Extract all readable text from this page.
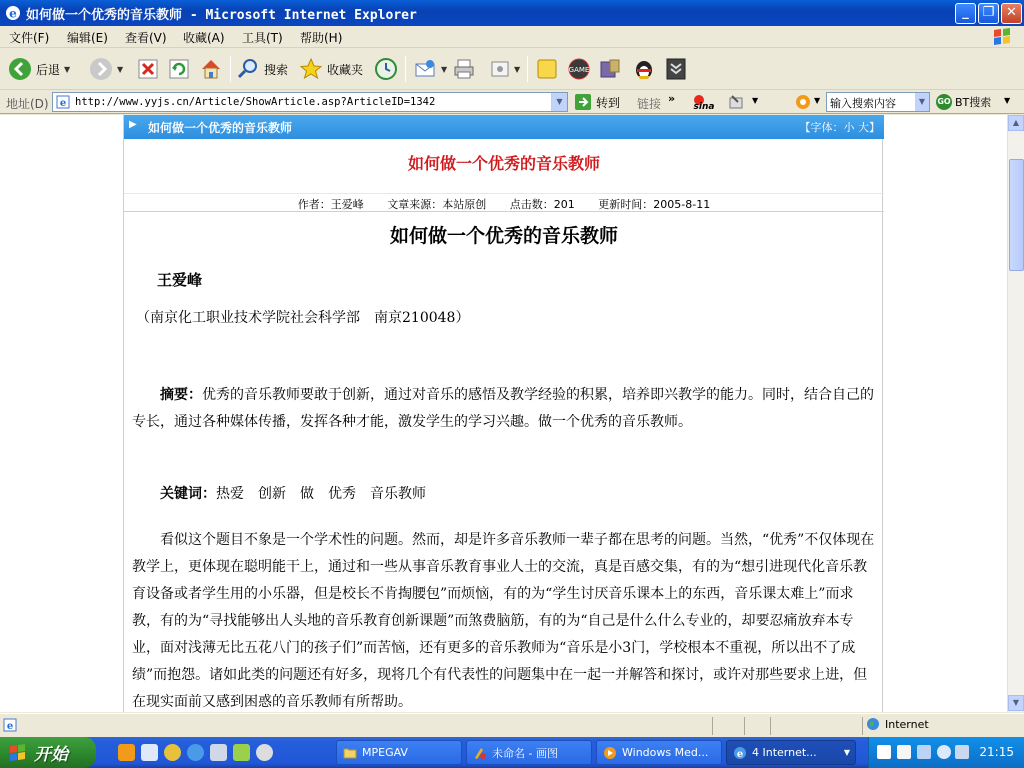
e 如何做一个优秀的音乐教师 - Microsoft Internet Explorer	_	❐ ✕
文件(F) 编辑(E) 查看(V) 收藏(A) 工具(T) 帮助(H)
后退 ▼	▼	搜索	收藏夹	▼	▼	GAME
地址(D) e http://www.yyjs.cn/Article/ShowArticle.asp?ArticleID=1342	▼	转到 链接 »
sina
▼	▼ 输入搜索内容	▼	GO BT搜索 ▼
▶ 如何做一个优秀的音乐教师	【字体：小 大】
如何做一个优秀的音乐教师
作者：王爱峰 文章来源：本站原创 点击数：201 更新时间：2005-8-11
如何做一个优秀的音乐教师
王爱峰
（南京化工职业技术学院社会科学部　南京210048）
摘要：优秀的音乐教师要敢于创新，通过对音乐的感悟及教学经验的积累，培养即兴教学的能力。同时，结合自己的专长，通过各种媒体传播，发挥各种才能，激发学生的学习兴趣。做一个优秀的音乐教师。
关键词：热爱　创新　做　优秀　音乐教师
看似这个题目不象是一个学术性的问题。然而，却是许多音乐教师一辈子都在思考的问题。当然，“优秀”不仅体现在教学上，更体现在聪明能干上，通过和一些从事音乐教育事业人士的交流，真是百感交集，有的为“想引进现代化音乐教育设备或者学生用的小乐器，但是校长不肯掏腰包”而烦恼，有的为“学生讨厌音乐课本上的东西，音乐课太难上”而求教，有的为“寻找能够出人头地的音乐教育创新课题”而煞费脑筋，有的为“自己是什么什么专业的，却要忍痛放弃本专业，面对浅薄无比五花八门的孩子们”而苦恼，还有更多的音乐教师为“音乐是小3门，学校根本不重视，所以出不了成绩”而抱怨。诸如此类的问题还有好多，现将几个有代表性的问题集中在一起一并解答和探讨，或许对那些要求上进，但在现实面前又感到困惑的音乐教师有所帮助。
▲
▼
e	Internet
开始	MPEGAV	未命名 - 画图	Windows Med...	e 4 Internet...	▼	21:15
